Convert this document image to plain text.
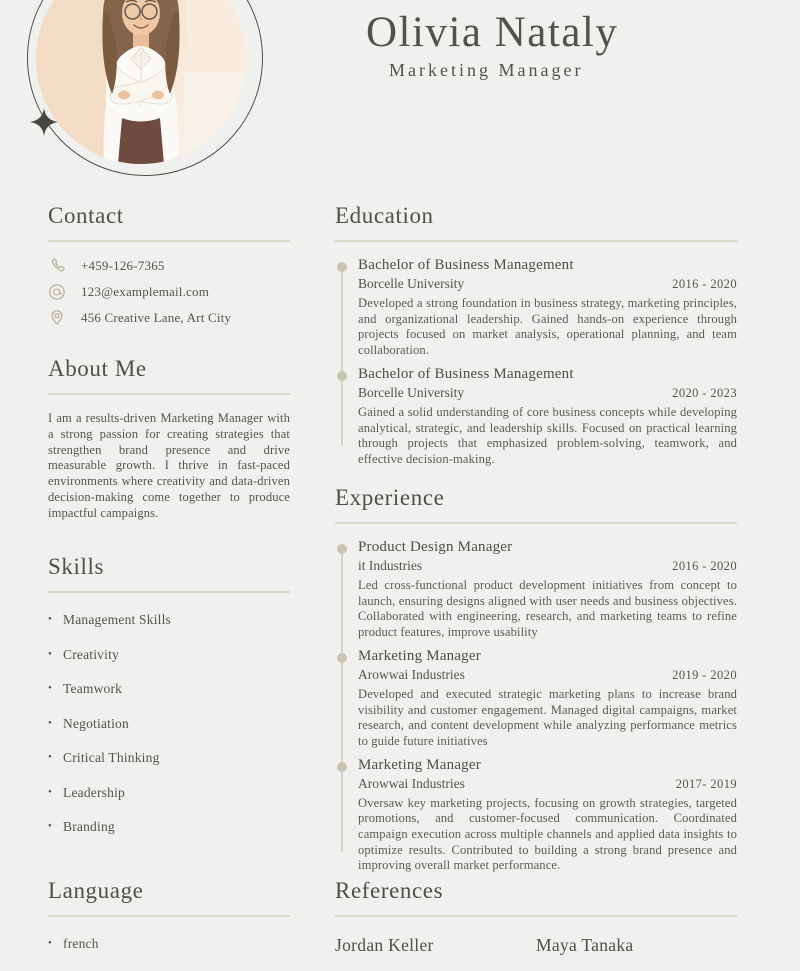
Olivia Nataly
Marketing Manager
Contact
+459-126-7365
123@examplemail.com
456 Creative Lane, Art City
About Me

I am a results-driven Marketing Manager with a strong passion for creating strategies that strengthen brand presence and drive measurable growth. I thrive in fast-paced environments where creativity and data-driven decision-making come together to produce impactful campaigns.

Skills
• Management Skills
• Creativity
• Teamwork
• Negotiation
• Critical Thinking
• Leadership
• Branding
Language
• french
Education
Bachelor of Business Management
Borcelle University	2016 - 2020

Developed a strong foundation in business strategy, marketing principles, and organizational leadership. Gained hands-on experience through projects focused on market analysis, operational planning, and team collaboration.

Bachelor of Business Management
Borcelle University	2020 - 2023

Gained a solid understanding of core business concepts while developing analytical, strategic, and leadership skills. Focused on practical learning through projects that emphasized problem-solving, teamwork, and effective decision-making.

Experience
Product Design Manager
it Industries	2016 - 2020

Led cross-functional product development initiatives from concept to launch, ensuring designs aligned with user needs and business objectives. Collaborated with engineering, research, and marketing teams to refine product features, improve usability

Marketing Manager
Arowwai Industries	2019 - 2020

Developed and executed strategic marketing plans to increase brand visibility and customer engagement. Managed digital campaigns, market research, and content development while analyzing performance metrics to guide future initiatives

Marketing Manager
Arowwai Industries	2017- 2019

Oversaw key marketing projects, focusing on growth strategies, targeted promotions, and customer-focused communication. Coordinated campaign execution across multiple channels and applied data insights to optimize results. Contributed to building a strong brand presence and improving overall market performance.

References
Jordan Keller	Maya Tanaka
